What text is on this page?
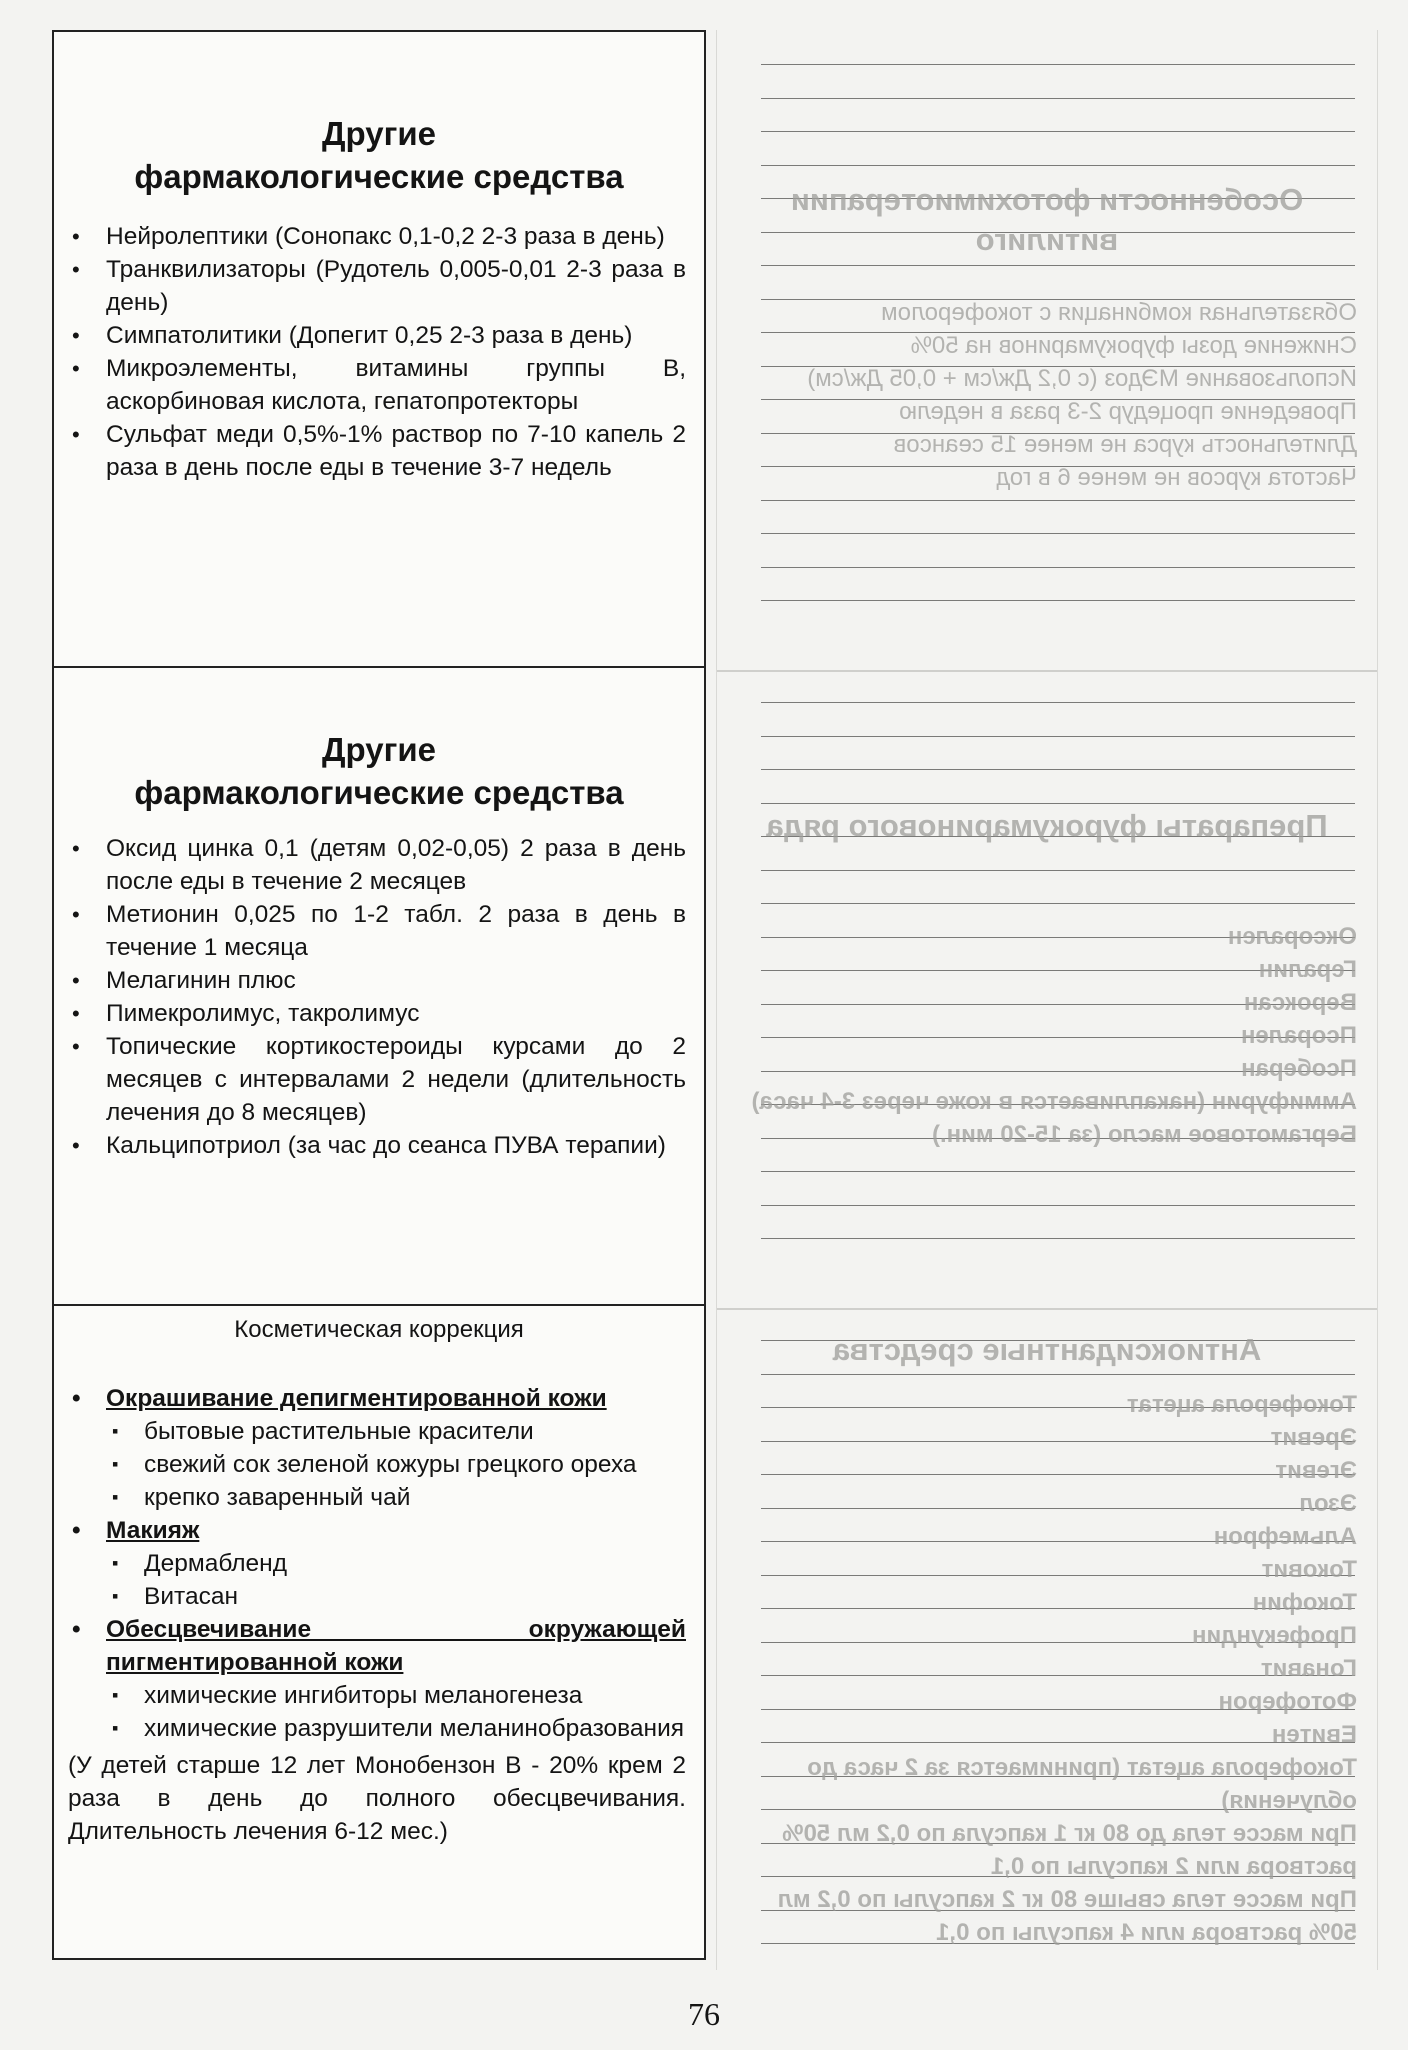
Другие
фармакологические средства
• Нейролептики (Сонопакс 0,1-0,2 2-3 раза в день)
• Транквилизаторы (Рудотель 0,005-0,01 2-3 раза в день)
• Симпатолитики (Допегит 0,25 2-3 раза в день)
• Микроэлементы, витамины группы В, аскорбиновая кислота, гепатопротекторы
• Сульфат меди 0,5%-1% раствор по 7-10 капель 2 раза в день после еды в течение 3-7 недель
Другие
фармакологические средства
• Оксид цинка 0,1 (детям 0,02-0,05) 2 раза в день после еды в течение 2 месяцев
• Метионин 0,025 по 1-2 табл. 2 раза в день в течение 1 месяца
• Мелагинин плюс
• Пимекролимус, такролимус
• Топические кортикостероиды курсами до 2 месяцев с интервалами 2 недели (длительность лечения до 8 месяцев)
• Кальципотриол (за час до сеанса ПУВА терапии)
Косметическая коррекция
• Окрашивание депигментированной кожи
▪ бытовые растительные красители
▪ свежий сок зеленой кожуры грецкого ореха
▪ крепко заваренный чай
• Макияж
▪ Дермабленд
▪ Витасан
• Обесцвечивание окружающей пигментированной кожи
▪ химические ингибиторы меланогенеза
▪ химические разрушители меланинобразования
(У детей старше 12 лет Монобензон В - 20% крем 2 раза в день до полного обесцвечивания. Длительность лечения 6-12 мес.)
Особенности фотохимиотерапии витилиго
Обязательная комбинация с токоферолом
Снижение дозы фурокумаринов на 50%
Использование МЭдоз (с 0,2 Дж/см + 0,05 Дж/см)
Проведение процедур 2-3 раза в неделю
Длительность курса не менее 15 сеансов
Частота курсов не менее 6 в год
Препараты фурокумаринового ряда
Оксорален
Гералин
Вероксан
Псорален
Псоберан
Аммифурин (накапливается в коже через 3-4 часа)
Бергамотовое масло (за 15-20 мин.)
Антиоксидантные средства
Токоферола ацетат
Эревит
Эгевит
Эзол
Альмефрон
Токовит
Токофин
Профекундин
Гонавит
Фотоферон
Евитен
Токоферола ацетат (принимается за 2 часа до облучения)
При массе тела до 80 кг 1 капсула по 0,2 мл 50% раствора или 2 капсулы по 0,1
При массе тела свыше 80 кг 2 капсулы по 0,2 мл 50% раствора или 4 капсулы по 0,1
76
